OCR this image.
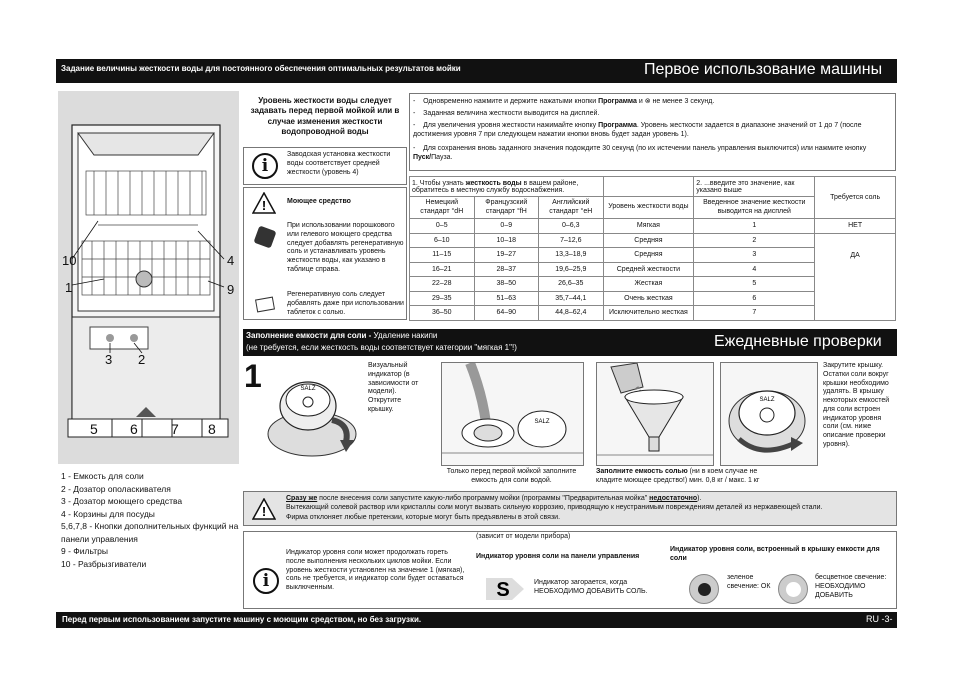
Задание величины жесткости воды для постоянного обеспечения оптимальных результатов мойки	Первое использование машины
10
1
4
9
3 2
5 6 7 8
1 - Емкость для соли
2 - Дозатор ополаскивателя
3 - Дозатор моющего средства
4 - Корзины для посуды
5,6,7,8 - Кнопки дополнительных функций на панели управления
9 - Фильтры
10 - Разбрызгиватели
Уровень жесткости воды следует задавать перед первой мойкой или в случае изменения жесткости водопроводной воды
i
Заводская установка жесткости воды соответствует средней жесткости (уровень 4)
!	Моющее средство
При использовании порошкового или гелевого моющего средства следует добавлять регенеративную соль и устанавливать уровень жесткости воды, как указано в таблице справа.
Регенеративную соль следует добавлять даже при использовании таблеток с солью.
-    Одновременно нажмите и держите нажатыми кнопки Программа и ⊗ не менее 3 секунд.
-    Заданная величина жесткости выводится на дисплей.
-    Для увеличения уровня жесткости нажимайте кнопку Программа. Уровень жесткости задается в диапазоне значений от 1 до 7 (после достижения уровня 7 при следующем нажатии кнопки вновь будет задан уровень 1).
-    Для сохранения вновь заданного значения подождите 30 секунд (по их истечении панель управления выключится) или нажмите кнопку Пуск/Пауза.
1. Чтобы узнать жесткость воды в вашем районе, обратитесь в местную службу водоснабжения.				2. ...введите это значение, как указано выше	Требуется соль
Немецкий стандарт °dH	Французский стандарт °fH	Английский стандарт °eH	Уровень жесткости воды	Введенное значение жесткости выводится на дисплей	
0–5	0–9	0–6,3	Мягкая	1	НЕТ
6–10	10–18	7–12,6	Средняя	2	ДА
11–15	19–27	13,3–18,9	Средняя	3	
16–21	28–37	19,6–25,9	Средней жесткости	4	
22–28	38–50	26,6–35	Жесткая	5	
29–35	51–63	35,7–44,1	Очень жесткая	6	
36–50	64–90	44,8–62,4	Исключительно жесткая	7	
Заполнение емкости для соли - Удаление накипи
(не требуется, если жесткость воды соответствует категории "мягкая 1"!)	Ежедневные проверки
1	SALZ
Визуальный индикатор (в зависимости от модели). Открутите крышку.
SALZ
Только перед первой мойкой заполните емкость для соли водой.
Заполните емкость солью (ни в коем случае не кладите моющее средство!) мин. 0,8 кг / макс. 1 кг
SALZ
Закрутите крышку. Остатки соли вокруг крышки необходимо удалять. В крышку некоторых емкостей для соли встроен индикатор уровня соли (см. ниже описание проверки уровня).
!
Сразу же после внесения соли запустите какую-либо программу мойки (программы "Предварительная мойка" недостаточно).
Вытекающий солевой раствор или кристаллы соли могут вызвать сильную коррозию, приводящую к неустранимым повреждениям деталей из нержавеющей стали.
Фирма отклоняет любые претензии, которые могут быть предъявлены в этой связи.
i
Индикатор уровня соли может продолжать гореть после выполнения нескольких циклов мойки. Если уровень жесткости установлен на значение 1 (мягкая), соль не требуется, и индикатор соли будет оставаться выключенным.
(зависит от модели прибора)
Индикатор уровня соли на панели управления
S	Индикатор загорается, когда НЕОБХОДИМО ДОБАВИТЬ СОЛЬ.
Индикатор уровня соли, встроенный в крышку емкости для соли
зеленое свечение: ОК
бесцветное свечение: НЕОБХОДИМО ДОБАВИТЬ
Перед первым использованием запустите машину с моющим средством, но без загрузки.	RU -3-
